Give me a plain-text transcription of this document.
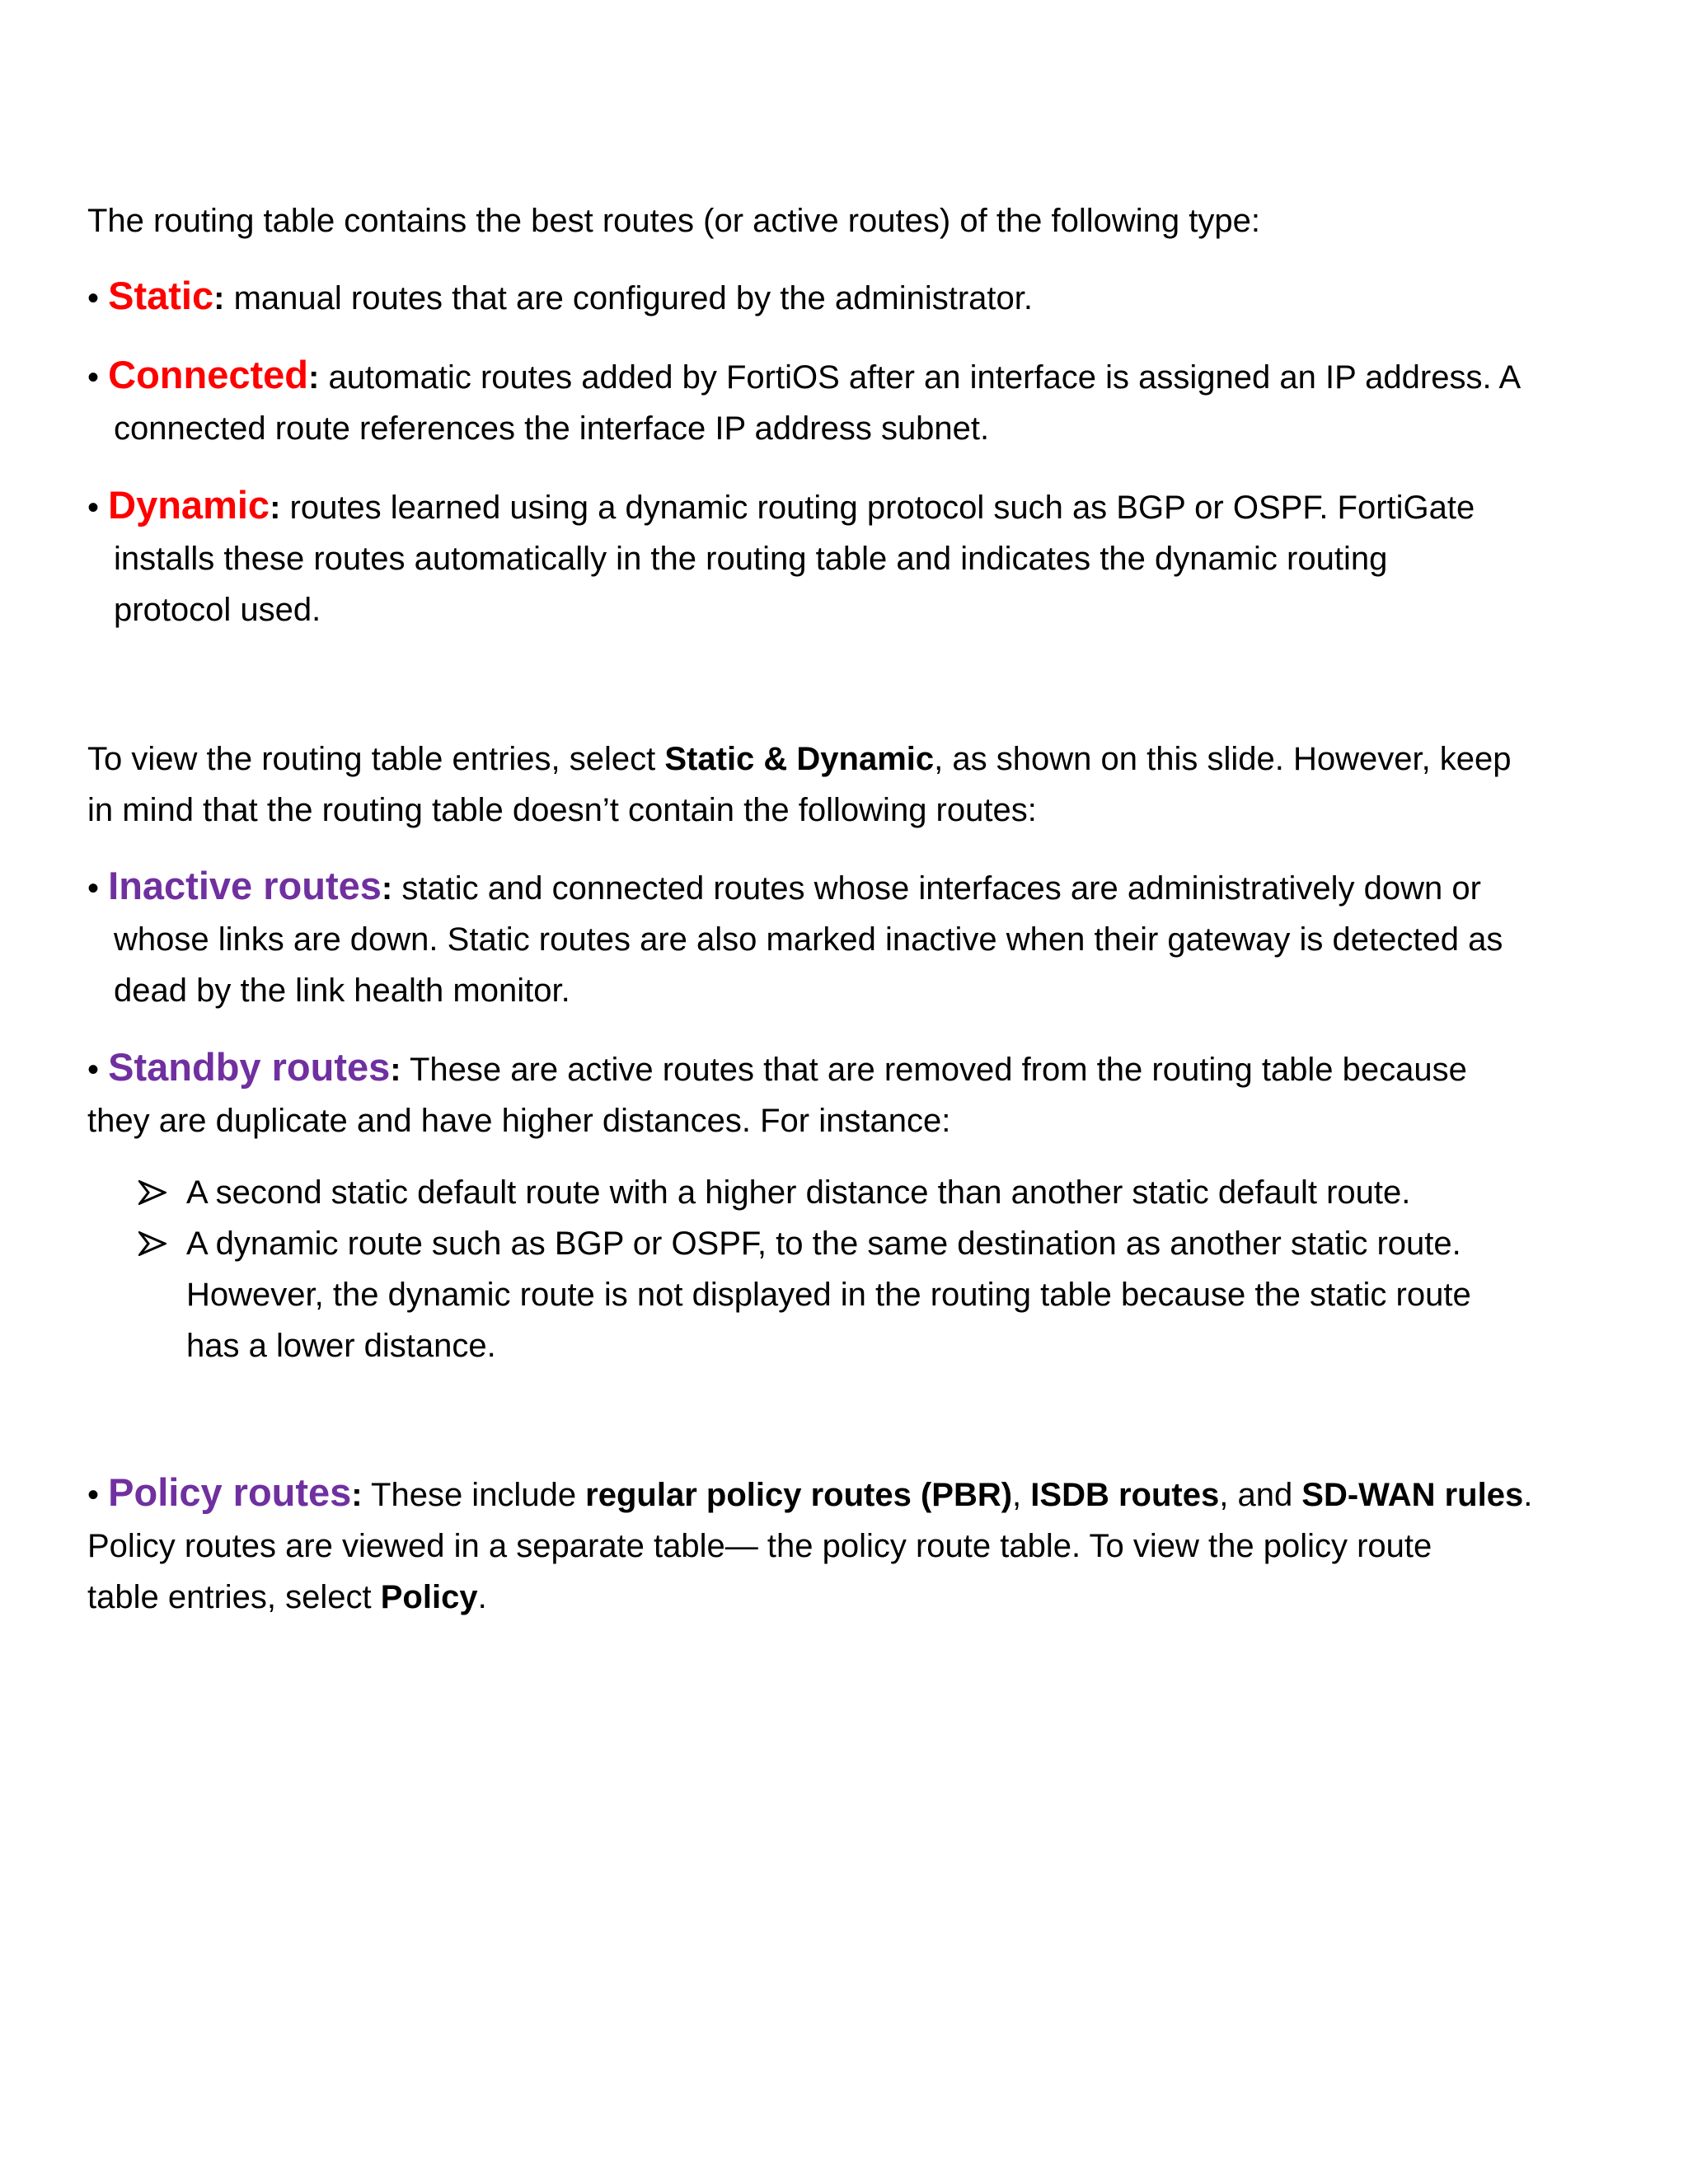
The routing table contains the best routes (or active routes) of the following type:

• Static: manual routes that are configured by the administrator.

• Connected: automatic routes added by FortiOS after an interface is assigned an IP address. A

connected route references the interface IP address subnet.

• Dynamic: routes learned using a dynamic routing protocol such as BGP or OSPF. FortiGate

installs these routes automatically in the routing table and indicates the dynamic routing

protocol used.

To view the routing table entries, select Static & Dynamic, as shown on this slide. However, keep

in mind that the routing table doesn’t contain the following routes:

• Inactive routes: static and connected routes whose interfaces are administratively down or

whose links are down. Static routes are also marked inactive when their gateway is detected as

dead by the link health monitor.

• Standby routes: These are active routes that are removed from the routing table because

they are duplicate and have higher distances. For instance:

A second static default route with a higher distance than another static default route.

A dynamic route such as BGP or OSPF, to the same destination as another static route.

However, the dynamic route is not displayed in the routing table because the static route

has a lower distance.

• Policy routes: These include regular policy routes (PBR), ISDB routes, and SD-WAN rules.

Policy routes are viewed in a separate table— the policy route table. To view the policy route

table entries, select Policy.
